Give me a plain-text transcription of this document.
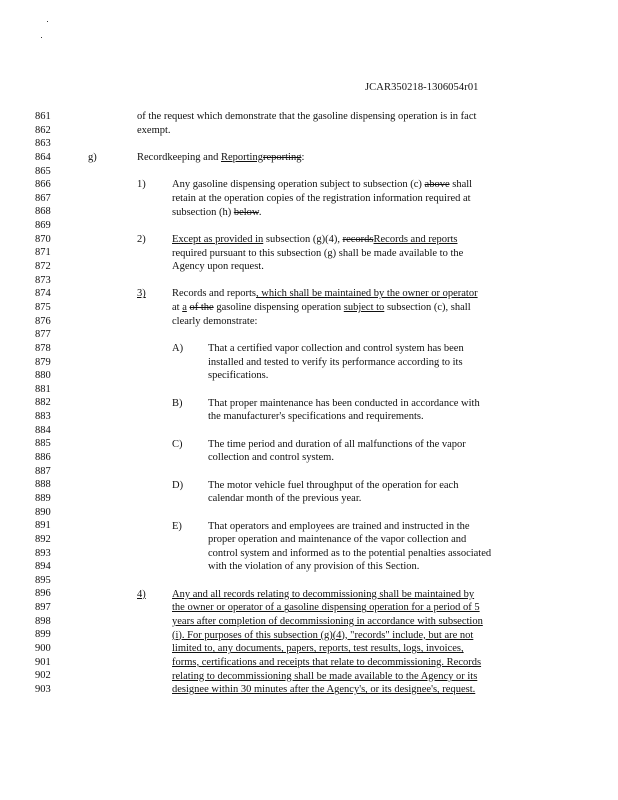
JCAR350218-1306054r01
861
862
863
864
865
866
867
868
869
870
871
872
873
874
875
876
877
878
879
880
881
882
883
884
885
886
887
888
889
890
891
892
893
894
895
896
897
898
899
900
901
902
903
of the request which demonstrate that the gasoline dispensing operation is in fact
exempt.
g)	Recordkeeping and Reportingreporting:
1)	Any gasoline dispensing operation subject to subsection (c) above shall
retain at the operation copies of the registration information required at
subsection (h) below.
2)	Except as provided in subsection (g)(4), recordsRecords and reports
required pursuant to this subsection (g) shall be made available to the
Agency upon request.
3)	Records and reports, which shall be maintained by the owner or operator
at a of the gasoline dispensing operation subject to subsection (c), shall
clearly demonstrate:
A) That a certified vapor collection and control system has been
installed and tested to verify its performance according to its
specifications.
B) That proper maintenance has been conducted in accordance with
the manufacturer's specifications and requirements.
C) The time period and duration of all malfunctions of the vapor
collection and control system.
D) The motor vehicle fuel throughput of the operation for each
calendar month of the previous year.
E) That operators and employees are trained and instructed in the
proper operation and maintenance of the vapor collection and
control system and informed as to the potential penalties associated
with the violation of any provision of this Section.
4)	Any and all records relating to decommissioning shall be maintained by
the owner or operator of a gasoline dispensing operation for a period of 5
years after completion of decommissioning in accordance with subsection
(i). For purposes of this subsection (g)(4), "records" include, but are not
limited to, any documents, papers, reports, test results, logs, invoices,
forms, certifications and receipts that relate to decommissioning. Records
relating to decommissioning shall be made available to the Agency or its
designee within 30 minutes after the Agency's, or its designee's, request.
